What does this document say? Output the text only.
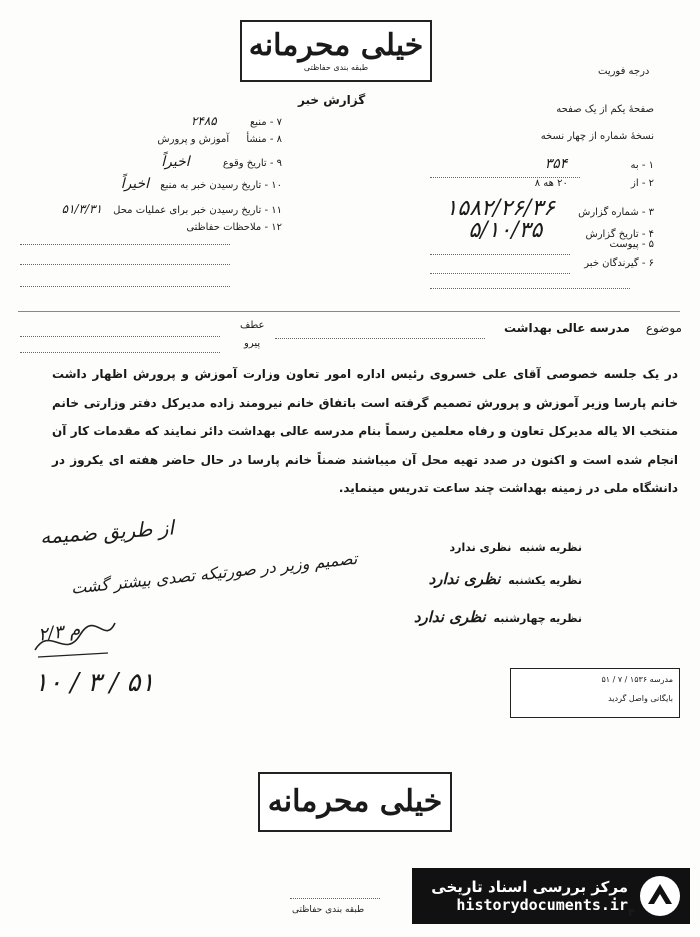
خیلی محرمانه
طبقه بندی حفاظتی	درجه فوریت
گزارش خبر
صفحهٔ یکم از یک صفحه
نسخهٔ شماره از چهار نسخه
۱ - به ۳۵۴
۲ - از ۲۰ هه ۸
۳ - شماره گزارش ۱۵۸۲/۲۶/۳۶
۴ - تاریخ گزارش ۵/۱۰/۳۵
۵ - پیوست
۶ - گیرندگان خبر
۷ - منبع ۲۴۸۵
۸ - منشأ آموزش و پرورش
۹ - تاریخ وقوع اخیراً
۱۰ - تاریخ رسیدن خبر به منبع اخیراً
۱۱ - تاریخ رسیدن خبر برای عملیات محل ۵۱/۳/۳۱
۱۲ - ملاحظات حفاظتی
موضوع مدرسه عالی بهداشت
عطف
پیرو
در یک جلسه خصوصی آقای علی خسروی رئیس اداره امور تعاون وزارت آموزش و پرورش اظهار داشت خانم پارسا وزیر آموزش و پرورش تصمیم گرفته است باتفاق خانم نیرومند زاده مدیرکل دفتر وزارتی خانم منتخب الا یاله مدیرکل تعاون و رفاه معلمین رسماً بنام مدرسه عالی بهداشت دائر نمایند که مقدمات کار آن انجام شده است و اکنون در صدد تهیه محل آن میباشند ضمناً خانم پارسا در حال حاضر هفته ای یکروز در دانشگاه ملی در زمینه بهداشت چند ساعت تدریس مینماید.
نظریه شنبه نظری ندارد
نظریه یکشنبه نظری ندارد
نظریه چهارشنبه نظری ندارد
از طریق ضمیمه
تصمیم وزیر در صورتیکه تصدی بیشتر گشت
م ۲/۳
۱۰ / ۳ / ۵۱	مدرسه ۱۵۳۶ / ۷ / ۵۱
بایگانی واصل گردید
خیلی محرمانه
طبقه بندی حفاظتی
مرکز بررسی اسناد تاریخی
historydocuments.ir ۴
